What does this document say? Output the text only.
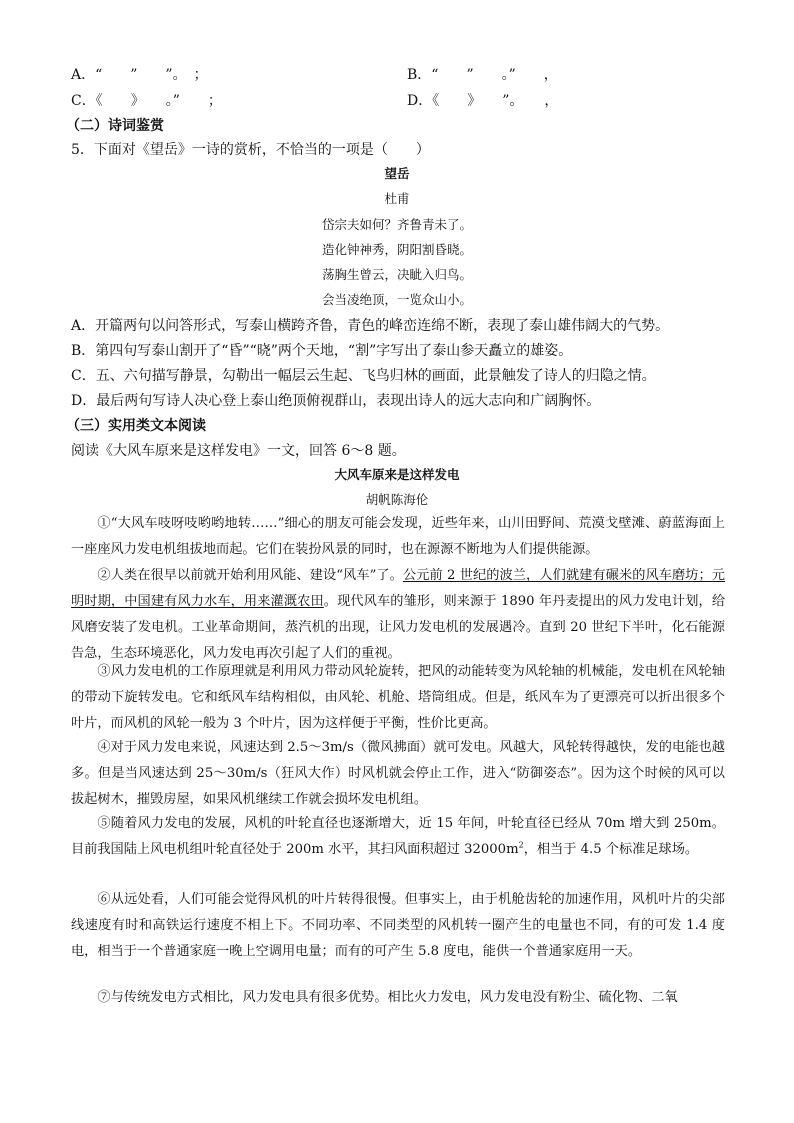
A．“　　”　　”。　；	B．“　　”　　。”　　，
C．《　　》　　。”　　；	D．《　　》　　”。　　，
（二）诗词鉴赏
5．下面对《望岳》一诗的赏析，不恰当的一项是（　　）
望岳
杜甫
岱宗夫如何？齐鲁青未了。
造化钟神秀，阴阳割昏晓。
荡胸生曾云，决眦入归鸟。
会当凌绝顶，一览众山小。
A．开篇两句以问答形式，写泰山横跨齐鲁，青色的峰峦连绵不断，表现了泰山雄伟阔大的气势。
B．第四句写泰山割开了“昏”“晓”两个天地，“割”字写出了泰山参天矗立的雄姿。
C．五、六句描写静景，勾勒出一幅层云生起、飞鸟归林的画面，此景触发了诗人的归隐之情。
D．最后两句写诗人决心登上泰山绝顶俯视群山，表现出诗人的远大志向和广阔胸怀。
（三）实用类文本阅读
阅读《大风车原来是这样发电》一文，回答 6～8 题。
大风车原来是这样发电
胡帆陈海伦

①“大风车吱呀吱哟哟地转……”细心的朋友可能会发现，近些年来，山川田野间、荒漠戈壁滩、蔚蓝海面上一座座风力发电机组拔地而起。它们在装扮风景的同时，也在源源不断地为人们提供能源。

②人类在很早以前就开始利用风能、建设“风车”了。公元前 2 世纪的波兰，人们就建有碾米的风车磨坊；元明时期，中国建有风力水车，用来灌溉农田。现代风车的雏形，则来源于 1890 年丹麦提出的风力发电计划，给风磨安装了发电机。工业革命期间，蒸汽机的出现，让风力发电机的发展遇冷。直到 20 世纪下半叶，化石能源告急，生态环境恶化，风力发电再次引起了人们的重视。

③风力发电机的工作原理就是利用风力带动风轮旋转，把风的动能转变为风轮轴的机械能，发电机在风轮轴的带动下旋转发电。它和纸风车结构相似，由风轮、机舱、塔筒组成。但是，纸风车为了更漂亮可以折出很多个叶片，而风机的风轮一般为 3 个叶片，因为这样便于平衡，性价比更高。

④对于风力发电来说，风速达到 2.5～3m/s（微风拂面）就可发电。风越大，风轮转得越快，发的电能也越多。但是当风速达到 25～30m/s（狂风大作）时风机就会停止工作，进入“防御姿态”。因为这个时候的风可以拔起树木，摧毁房屋，如果风机继续工作就会损坏发电机组。

⑤随着风力发电的发展，风机的叶轮直径也逐渐增大，近 15 年间，叶轮直径已经从 70m 增大到 250m。目前我国陆上风电机组叶轮直径处于 200m 水平，其扫风面积超过 $32000m^2$，相当于 4.5 个标准足球场。

⑥从远处看，人们可能会觉得风机的叶片转得很慢。但事实上，由于机舱齿轮的加速作用，风机叶片的尖部线速度有时和高铁运行速度不相上下。不同功率、不同类型的风机转一圈产生的电量也不同，有的可发 1.4 度电，相当于一个普通家庭一晚上空调用电量；而有的可产生 5.8 度电，能供一个普通家庭用一天。

⑦与传统发电方式相比，风力发电具有很多优势。相比火力发电，风力发电没有粉尘、硫化物、二氧
